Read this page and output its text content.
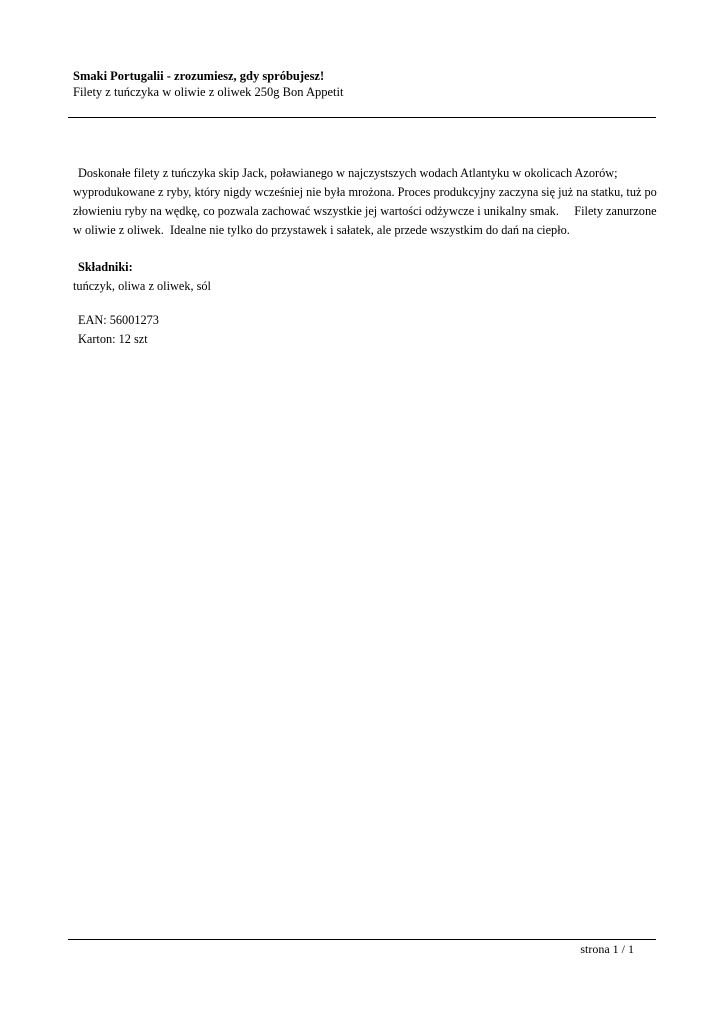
Smaki Portugalii - zrozumiesz, gdy spróbujesz!

Filety z tuńczyka w oliwie z oliwek 250g Bon Appetit

Doskonałe filety z tuńczyka skip Jack, poławianego w najczystszych wodach Atlantyku w okolicach Azorów; wyprodukowane z ryby, który nigdy wcześniej nie była mrożona. Proces produkcyjny zaczyna się już na statku, tuż po złowieniu ryby na wędkę, co pozwala zachować wszystkie jej wartości odżywcze i unikalny smak.     Filety zanurzone w oliwie z oliwek.  Idealne nie tylko do przystawek i sałatek, ale przede wszystkim do dań na ciepło.

Składniki:

tuńczyk, oliwa z oliwek, sól

EAN: 56001273
Karton: 12 szt
strona 1 / 1
